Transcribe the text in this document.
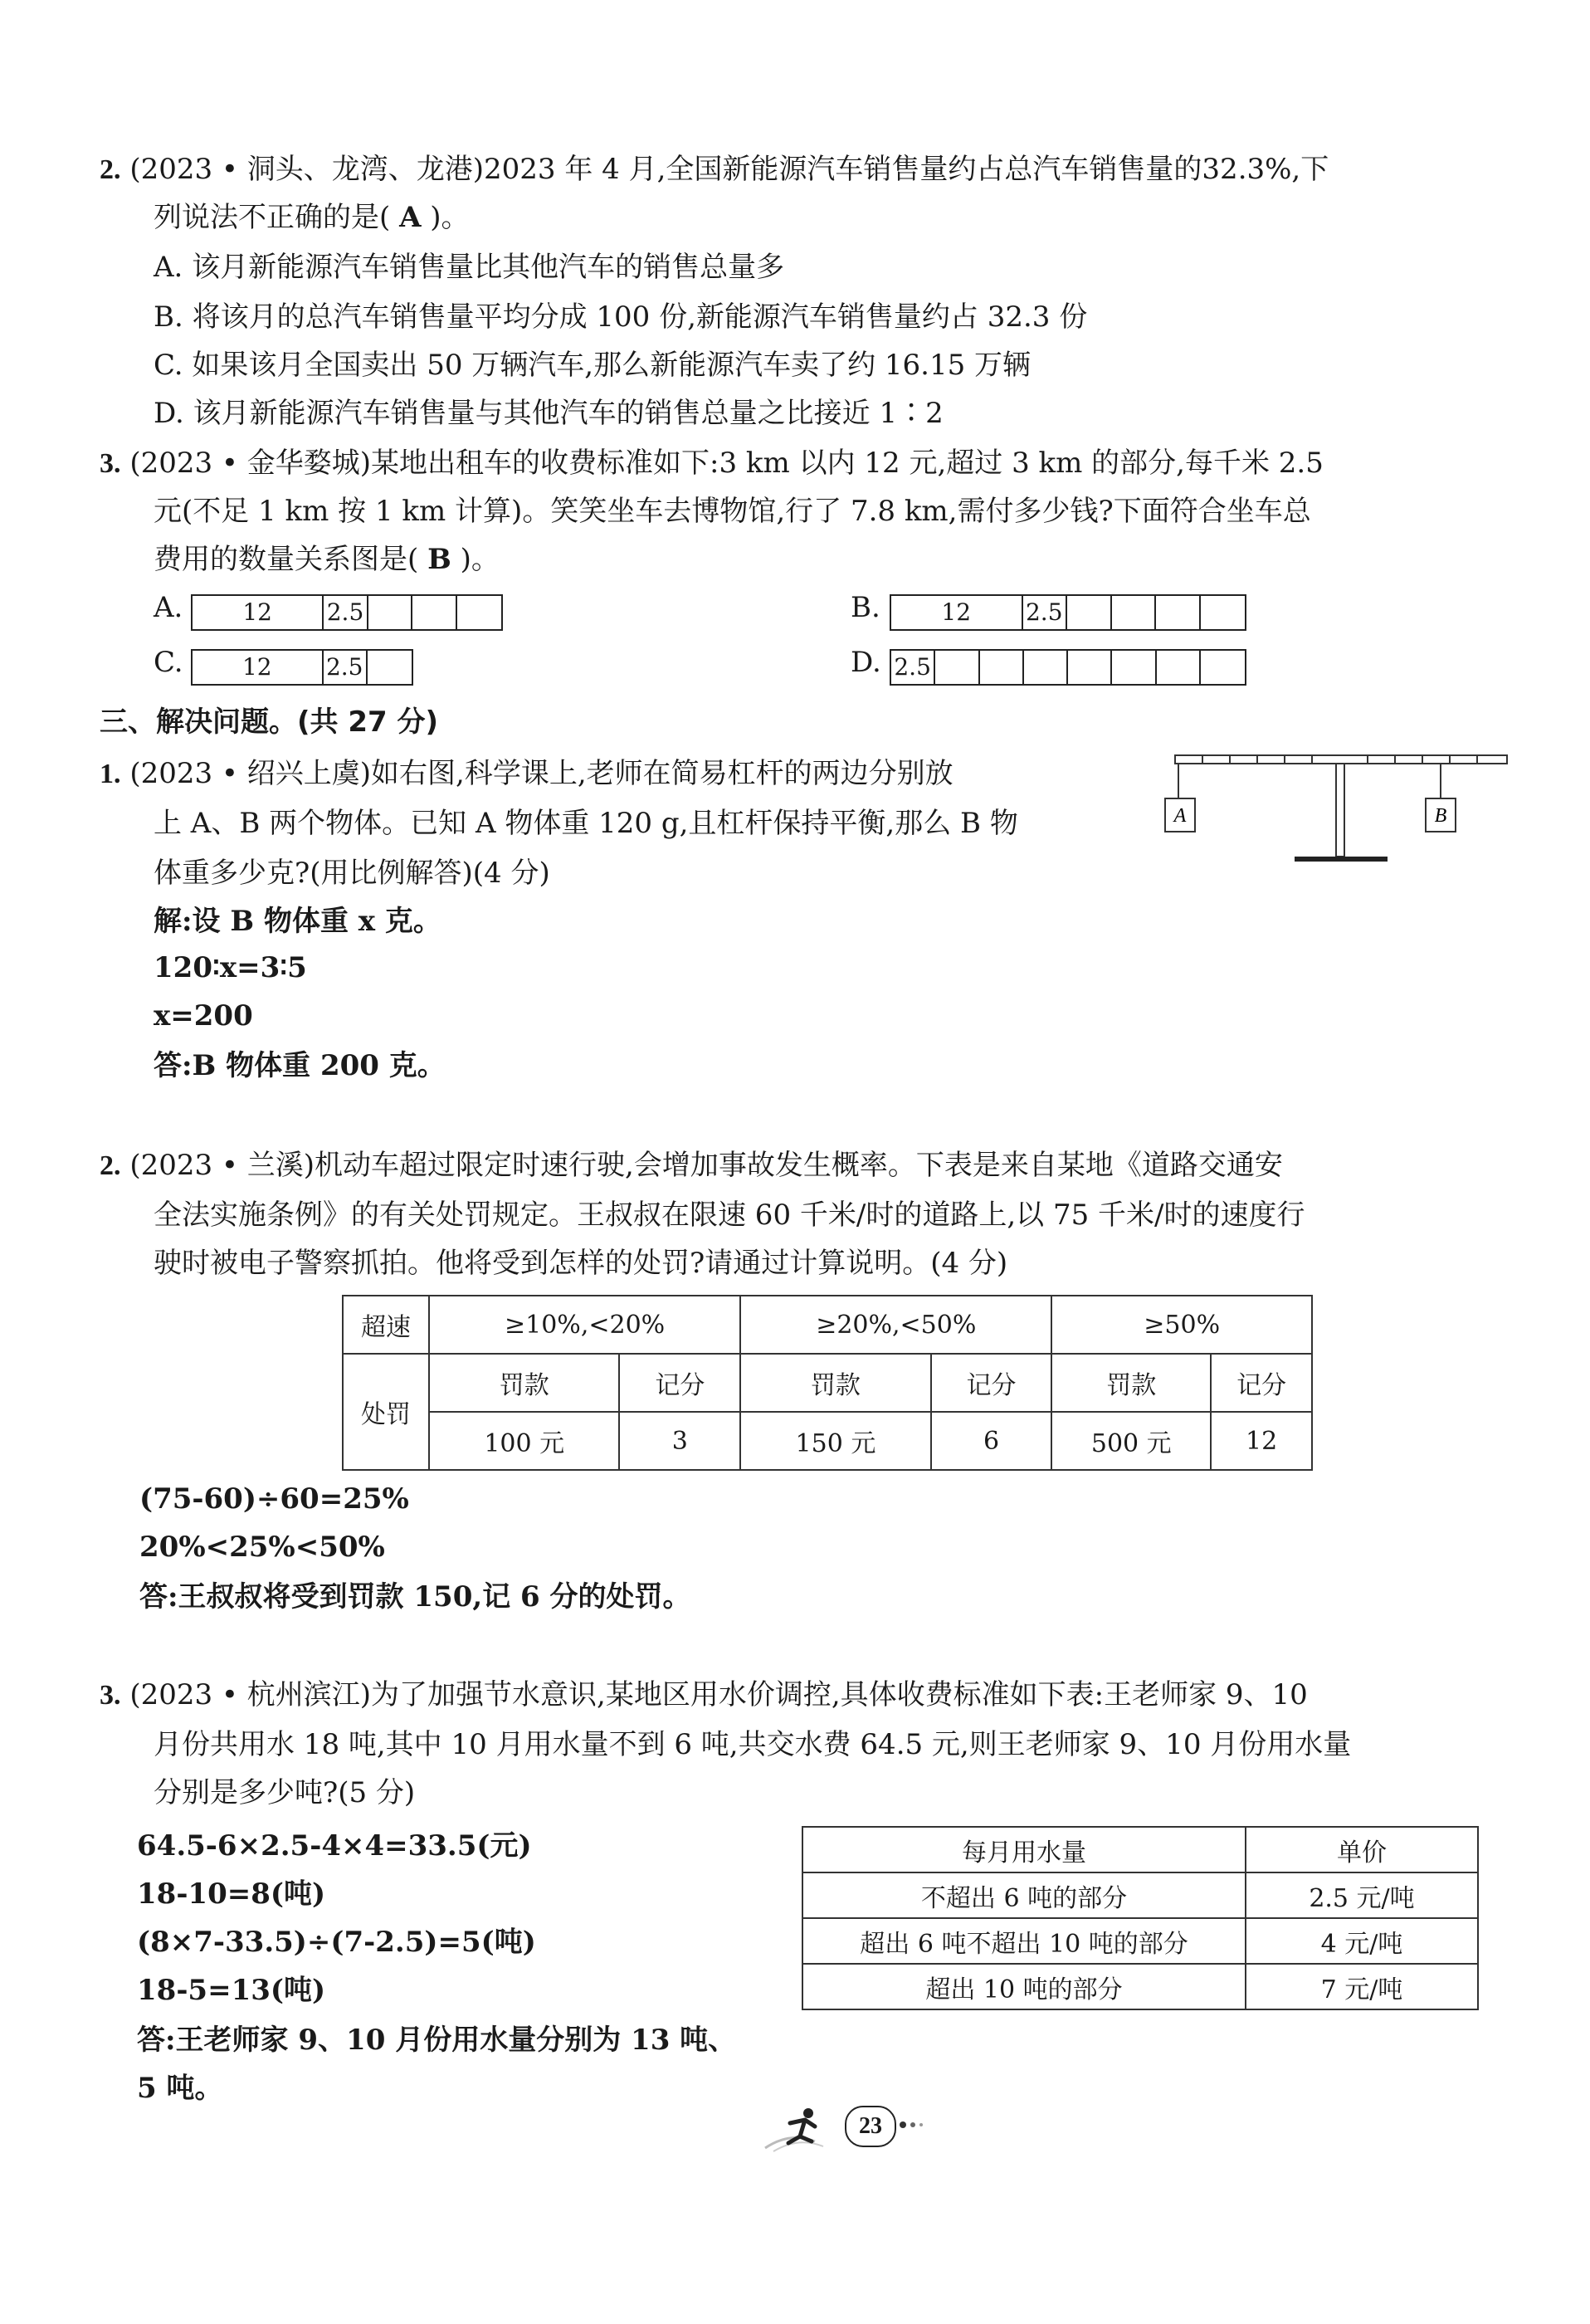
2. (2023 • 洞头、龙湾、龙港)2023 年 4 月,全国新能源汽车销售量约占总汽车销售量的32.3%,下
列说法不正确的是( A )。
A. 该月新能源汽车销售量比其他汽车的销售总量多
B. 将该月的总汽车销售量平均分成 100 份,新能源汽车销售量约占 32.3 份
C. 如果该月全国卖出 50 万辆汽车,那么新能源汽车卖了约 16.15 万辆
D. 该月新能源汽车销售量与其他汽车的销售总量之比接近 1∶2
3. (2023 • 金华婺城)某地出租车的收费标准如下:3 km 以内 12 元,超过 3 km 的部分,每千米 2.5
元(不足 1 km 按 1 km 计算)。笑笑坐车去博物馆,行了 7.8 km,需付多少钱?下面符合坐车总
费用的数量关系图是( B )。
A.	12	2.5	B.	12	2.5
C.	12	2.5	D. 2.5
三、解决问题。(共 27 分)
1. (2023 • 绍兴上虞)如右图,科学课上,老师在简易杠杆的两边分别放
上 A、B 两个物体。已知 A 物体重 120 g,且杠杆保持平衡,那么 B 物
体重多少克?(用比例解答)(4 分)
解:设 B 物体重 x 克。
120∶x=3∶5
x=200
答:B 物体重 200 克。
A	B
2. (2023 • 兰溪)机动车超过限定时速行驶,会增加事故发生概率。下表是来自某地《道路交通安
全法实施条例》的有关处罚规定。王叔叔在限速 60 千米/时的道路上,以 75 千米/时的速度行
驶时被电子警察抓拍。他将受到怎样的处罚?请通过计算说明。(4 分)
超速	≥10%,<20%		≥20%,<50%		≥50%	
处罚	罚款	记分	罚款	记分	罚款	记分
	100 元	3	150 元	6	500 元	12
(75-60)÷60=25%
20%<25%<50%
答:王叔叔将受到罚款 150,记 6 分的处罚。
3. (2023 • 杭州滨江)为了加强节水意识,某地区用水价调控,具体收费标准如下表:王老师家 9、10
月份共用水 18 吨,其中 10 月用水量不到 6 吨,共交水费 64.5 元,则王老师家 9、10 月份用水量
分别是多少吨?(5 分)
每月用水量	单价
不超出 6 吨的部分	2.5 元/吨
超出 6 吨不超出 10 吨的部分	4 元/吨
超出 10 吨的部分	7 元/吨
64.5-6×2.5-4×4=33.5(元)
18-10=8(吨)
(8×7-33.5)÷(7-2.5)=5(吨)
18-5=13(吨)
答:王老师家 9、10 月份用水量分别为 13 吨、
5 吨。
23
